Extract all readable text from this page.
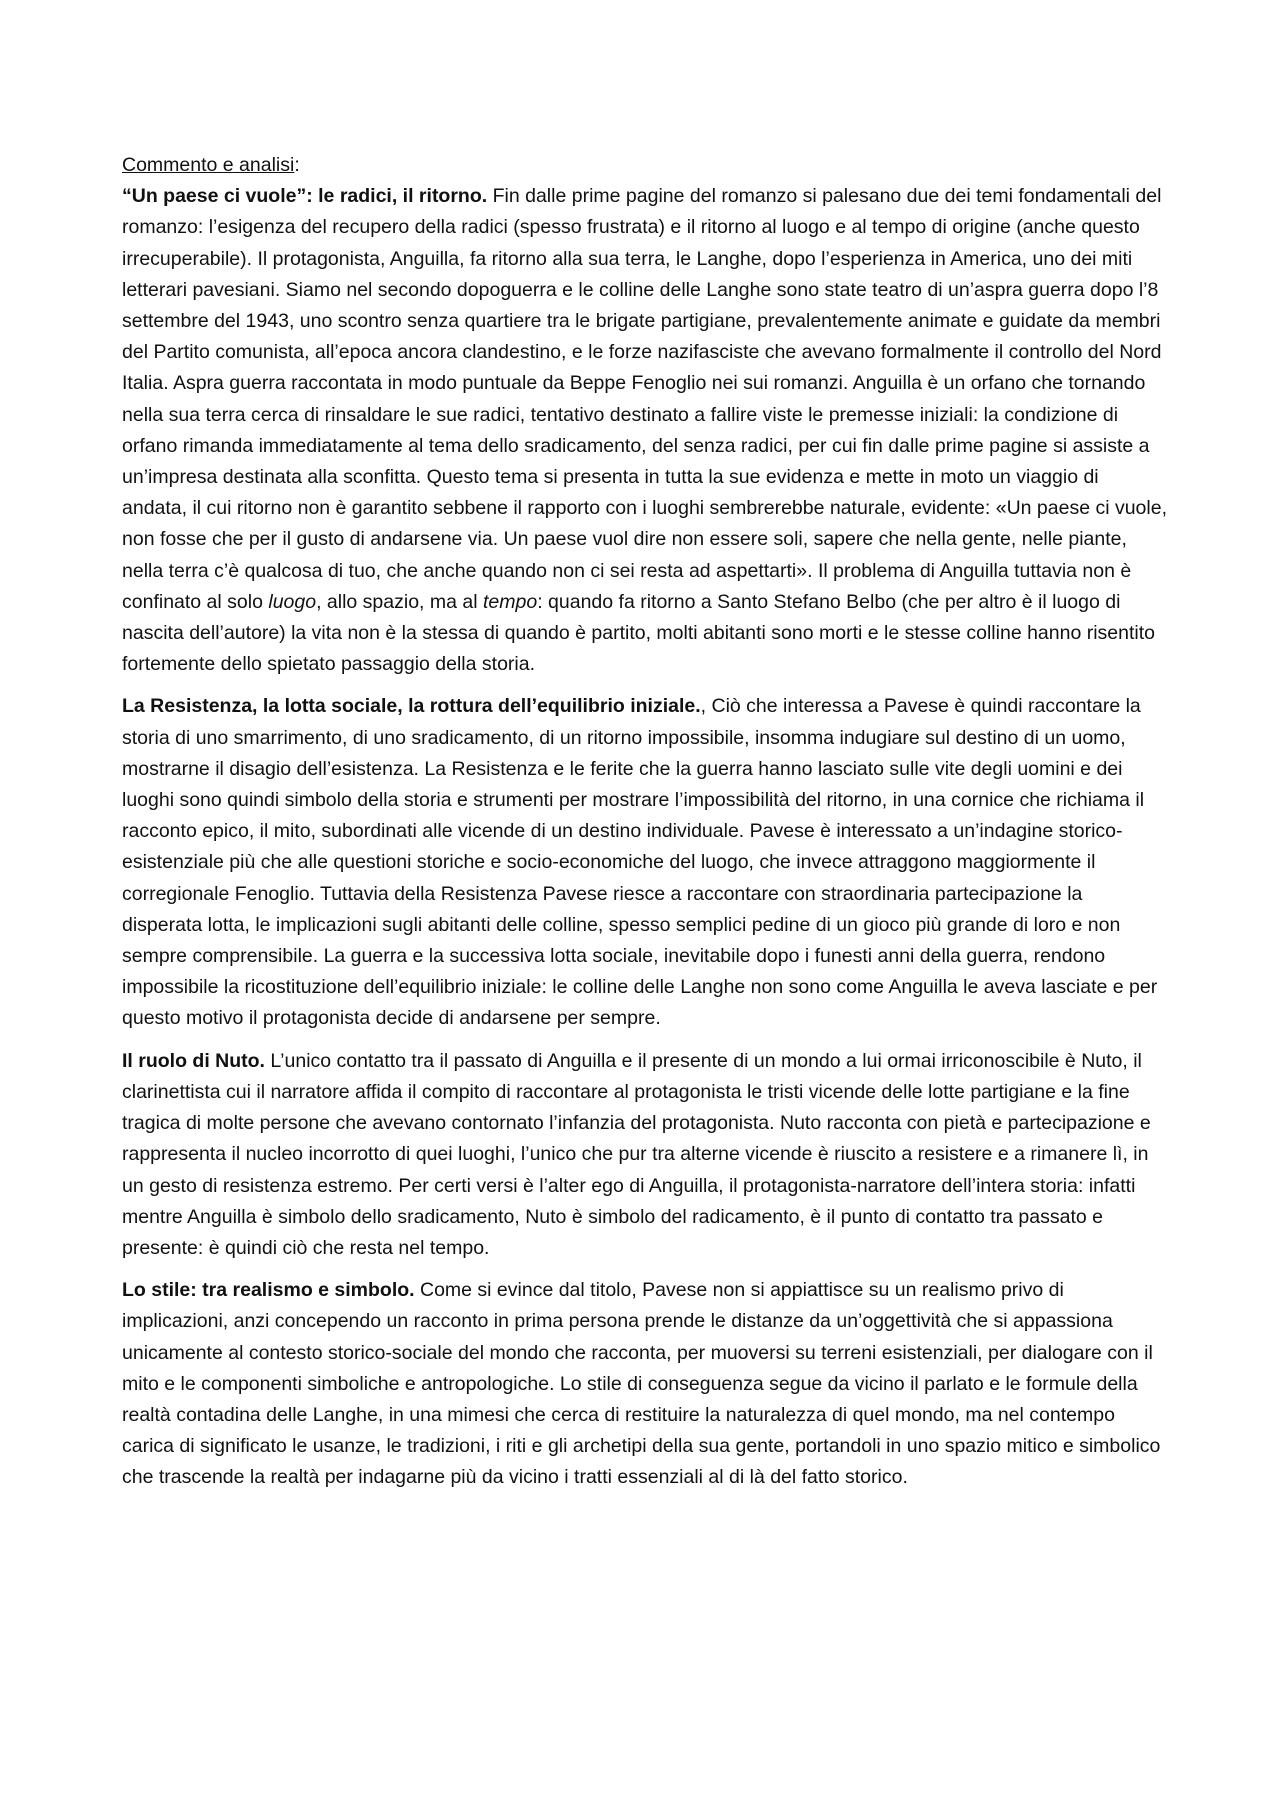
Commento e analisi:

“Un paese ci vuole”: le radici, il ritorno. Fin dalle prime pagine del romanzo si palesano due dei temi fondamentali del romanzo: l’esigenza del recupero della radici (spesso frustrata) e il ritorno al luogo e al tempo di origine (anche questo irrecuperabile). Il protagonista, Anguilla, fa ritorno alla sua terra, le Langhe, dopo l’esperienza in America, uno dei miti letterari pavesiani. Siamo nel secondo dopoguerra e le colline delle Langhe sono state teatro di un’aspra guerra dopo l’8 settembre del 1943, uno scontro senza quartiere tra le brigate partigiane, prevalentemente animate e guidate da membri del Partito comunista, all’epoca ancora clandestino, e le forze nazifasciste che avevano formalmente il controllo del Nord Italia. Aspra guerra raccontata in modo puntuale da Beppe Fenoglio nei sui romanzi. Anguilla è un orfano che tornando nella sua terra cerca di rinsaldare le sue radici, tentativo destinato a fallire viste le premesse iniziali: la condizione di orfano rimanda immediatamente al tema dello sradicamento, del senza radici, per cui fin dalle prime pagine si assiste a un’impresa destinata alla sconfitta. Questo tema si presenta in tutta la sue evidenza e mette in moto un viaggio di andata, il cui ritorno non è garantito sebbene il rapporto con i luoghi sembrerebbe naturale, evidente: «Un paese ci vuole, non fosse che per il gusto di andarsene via. Un paese vuol dire non essere soli, sapere che nella gente, nelle piante, nella terra c’è qualcosa di tuo, che anche quando non ci sei resta ad aspettarti». Il problema di Anguilla tuttavia non è confinato al solo luogo, allo spazio, ma al tempo: quando fa ritorno a Santo Stefano Belbo (che per altro è il luogo di nascita dell’autore) la vita non è la stessa di quando è partito, molti abitanti sono morti e le stesse colline hanno risentito fortemente dello spietato passaggio della storia.

La Resistenza, la lotta sociale, la rottura dell’equilibrio iniziale., Ciò che interessa a Pavese è quindi raccontare la storia di uno smarrimento, di uno sradicamento, di un ritorno impossibile, insomma indugiare sul destino di un uomo, mostrarne il disagio dell’esistenza. La Resistenza e le ferite che la guerra hanno lasciato sulle vite degli uomini e dei luoghi sono quindi simbolo della storia e strumenti per mostrare l’impossibilità del ritorno, in una cornice che richiama il racconto epico, il mito, subordinati alle vicende di un destino individuale. Pavese è interessato a un’indagine storico-esistenziale più che alle questioni storiche e socio-economiche del luogo, che invece attraggono maggiormente il corregionale Fenoglio. Tuttavia della Resistenza Pavese riesce a raccontare con straordinaria partecipazione la disperata lotta, le implicazioni sugli abitanti delle colline, spesso semplici pedine di un gioco più grande di loro e non sempre comprensibile. La guerra e la successiva lotta sociale, inevitabile dopo i funesti anni della guerra, rendono impossibile la ricostituzione dell’equilibrio iniziale: le colline delle Langhe non sono come Anguilla le aveva lasciate e per questo motivo il protagonista decide di andarsene per sempre.

Il ruolo di Nuto. L’unico contatto tra il passato di Anguilla e il presente di un mondo a lui ormai irriconoscibile è Nuto, il clarinettista cui il narratore affida il compito di raccontare al protagonista le tristi vicende delle lotte partigiane e la fine tragica di molte persone che avevano contornato l’infanzia del protagonista. Nuto racconta con pietà e partecipazione e rappresenta il nucleo incorrotto di quei luoghi, l’unico che pur tra alterne vicende è riuscito a resistere e a rimanere lì, in un gesto di resistenza estremo. Per certi versi è l’alter ego di Anguilla, il protagonista-narratore dell’intera storia: infatti mentre Anguilla è simbolo dello sradicamento, Nuto è simbolo del radicamento, è il punto di contatto tra passato e presente: è quindi ciò che resta nel tempo.

Lo stile: tra realismo e simbolo. Come si evince dal titolo, Pavese non si appiattisce su un realismo privo di implicazioni, anzi concependo un racconto in prima persona prende le distanze da un’oggettività che si appassiona unicamente al contesto storico-sociale del mondo che racconta, per muoversi su terreni esistenziali, per dialogare con il mito e le componenti simboliche e antropologiche. Lo stile di conseguenza segue da vicino il parlato e le formule della realtà contadina delle Langhe, in una mimesi che cerca di restituire la naturalezza di quel mondo, ma nel contempo carica di significato le usanze, le tradizioni, i riti e gli archetipi della sua gente, portandoli in uno spazio mitico e simbolico che trascende la realtà per indagarne più da vicino i tratti essenziali al di là del fatto storico.
